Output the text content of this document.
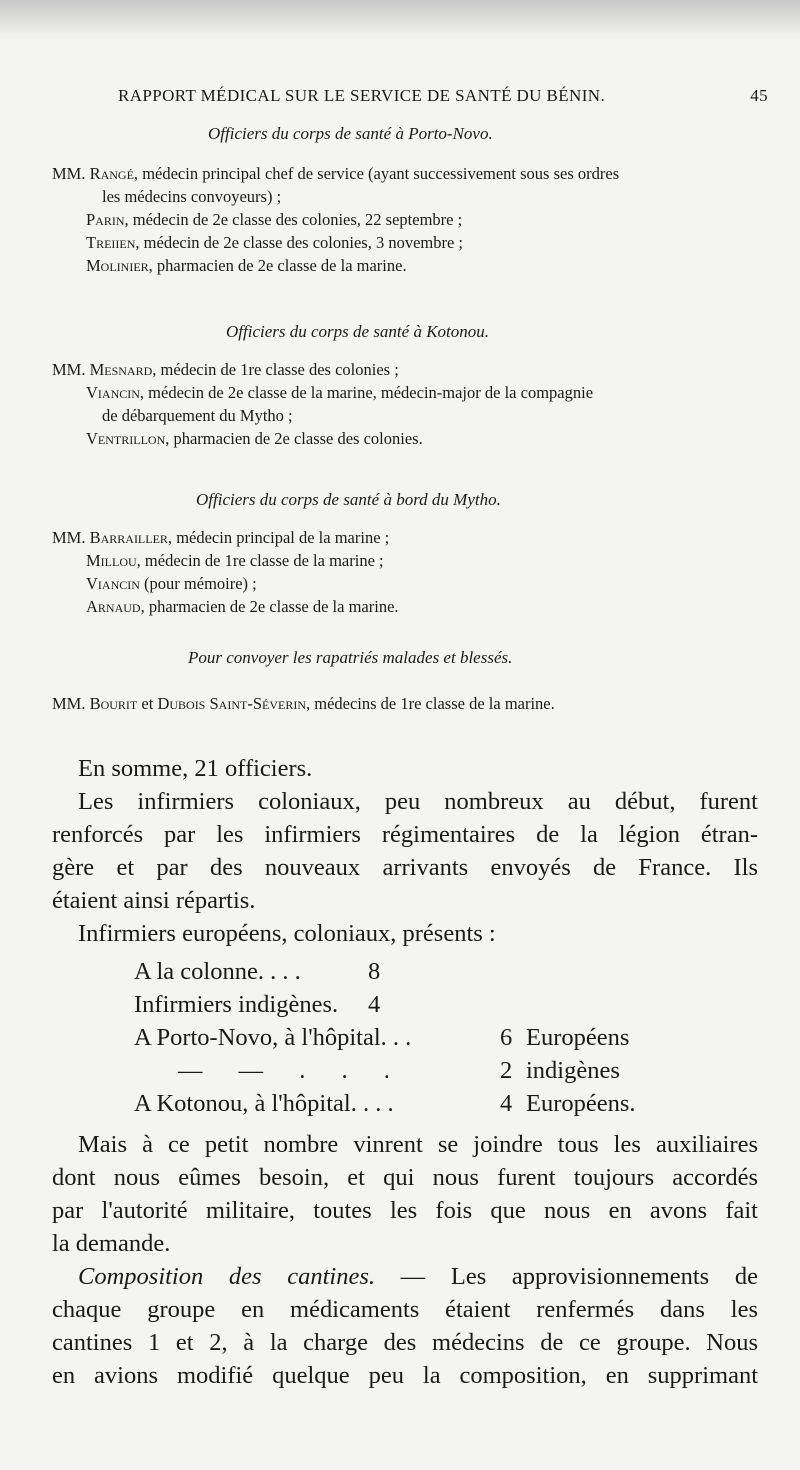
RAPPORT MÉDICAL SUR LE SERVICE DE SANTÉ DU BÉNIN.	45
Officiers du corps de santé à Porto-Novo.
MM. Rangé, médecin principal chef de service (ayant successivement sous ses ordres
les médecins convoyeurs) ;
Parin, médecin de 2e classe des colonies, 22 septembre ;
Treiien, médecin de 2e classe des colonies, 3 novembre ;
Molinier, pharmacien de 2e classe de la marine.
Officiers du corps de santé à Kotonou.
MM. Mesnard, médecin de 1re classe des colonies ;
Viancin, médecin de 2e classe de la marine, médecin-major de la compagnie
de débarquement du Mytho ;
Ventrillon, pharmacien de 2e classe des colonies.
Officiers du corps de santé à bord du Mytho.
MM. Barrailler, médecin principal de la marine ;
Millou, médecin de 1re classe de la marine ;
Viancin (pour mémoire) ;
Arnaud, pharmacien de 2e classe de la marine.
Pour convoyer les rapatriés malades et blessés.
MM. Bourit et Dubois Saint-Séverin, médecins de 1re classe de la marine.
En somme, 21 officiers.
Les infirmiers coloniaux, peu nombreux au début, furent
renforcés par les infirmiers régimentaires de la légion étran-
gère et par des nouveaux arrivants envoyés de France. Ils
étaient ainsi répartis.
Infirmiers européens, coloniaux, présents :
A la colonne. . . .	8
Infirmiers indigènes. 4
A Porto-Novo, à l'hôpital. . .	6 Européens
— — . . .	2 indigènes
A Kotonou, à l'hôpital. . . .	4 Européens.
Mais à ce petit nombre vinrent se joindre tous les auxiliaires
dont nous eûmes besoin, et qui nous furent toujours accordés
par l'autorité militaire, toutes les fois que nous en avons fait
la demande.
Composition des cantines. — Les approvisionnements de
chaque groupe en médicaments étaient renfermés dans les
cantines 1 et 2, à la charge des médecins de ce groupe. Nous
en avions modifié quelque peu la composition, en supprimant
